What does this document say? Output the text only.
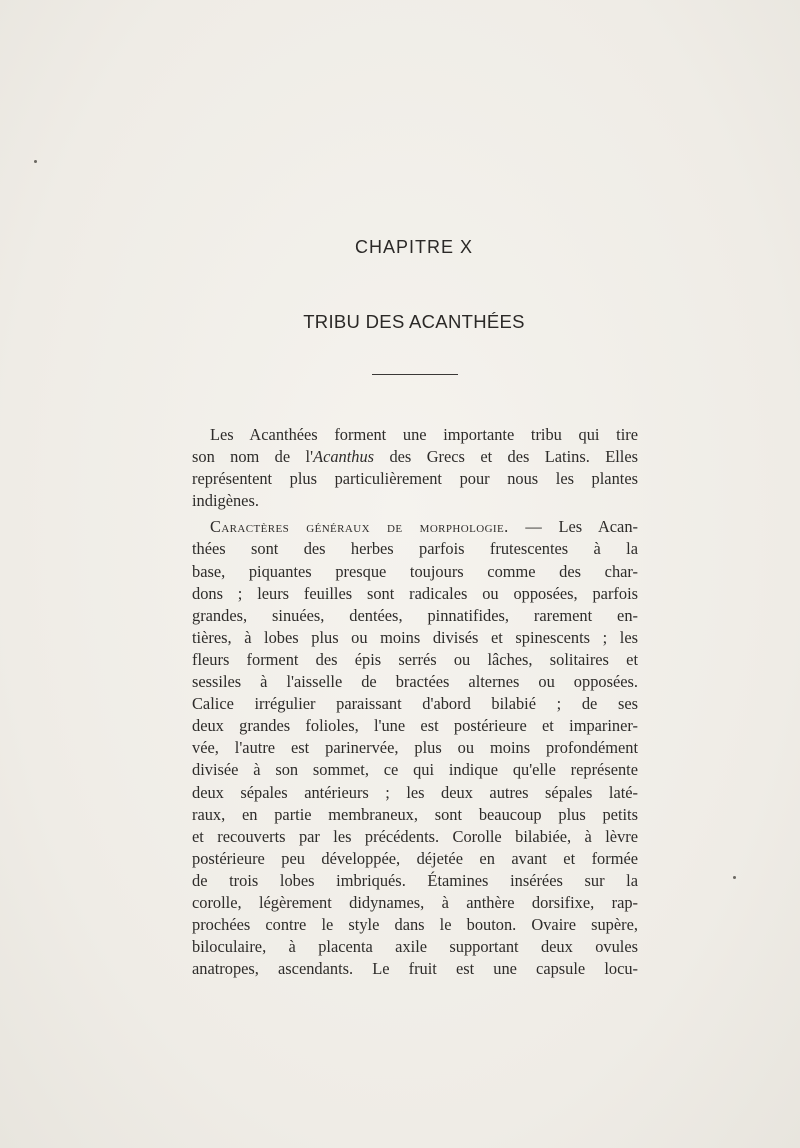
CHAPITRE X
TRIBU DES ACANTHÉES
Les Acanthées forment une importante tribu qui tire
son nom de l'Acanthus des Grecs et des Latins. Elles
représentent plus particulièrement pour nous les plantes
indigènes.
Caractères généraux de morphologie. — Les Acan-
thées sont des herbes parfois frutescentes à la
base, piquantes presque toujours comme des char-
dons ; leurs feuilles sont radicales ou opposées, parfois
grandes, sinuées, dentées, pinnatifides, rarement en-
tières, à lobes plus ou moins divisés et spinescents ; les
fleurs forment des épis serrés ou lâches, solitaires et
sessiles à l'aisselle de bractées alternes ou opposées.
Calice irrégulier paraissant d'abord bilabié ; de ses
deux grandes folioles, l'une est postérieure et impariner-
vée, l'autre est parinervée, plus ou moins profondément
divisée à son sommet, ce qui indique qu'elle représente
deux sépales antérieurs ; les deux autres sépales laté-
raux, en partie membraneux, sont beaucoup plus petits
et recouverts par les précédents. Corolle bilabiée, à lèvre
postérieure peu développée, déjetée en avant et formée
de trois lobes imbriqués. Étamines insérées sur la
corolle, légèrement didynames, à anthère dorsifixe, rap-
prochées contre le style dans le bouton. Ovaire supère,
biloculaire, à placenta axile supportant deux ovules
anatropes, ascendants. Le fruit est une capsule locu-
